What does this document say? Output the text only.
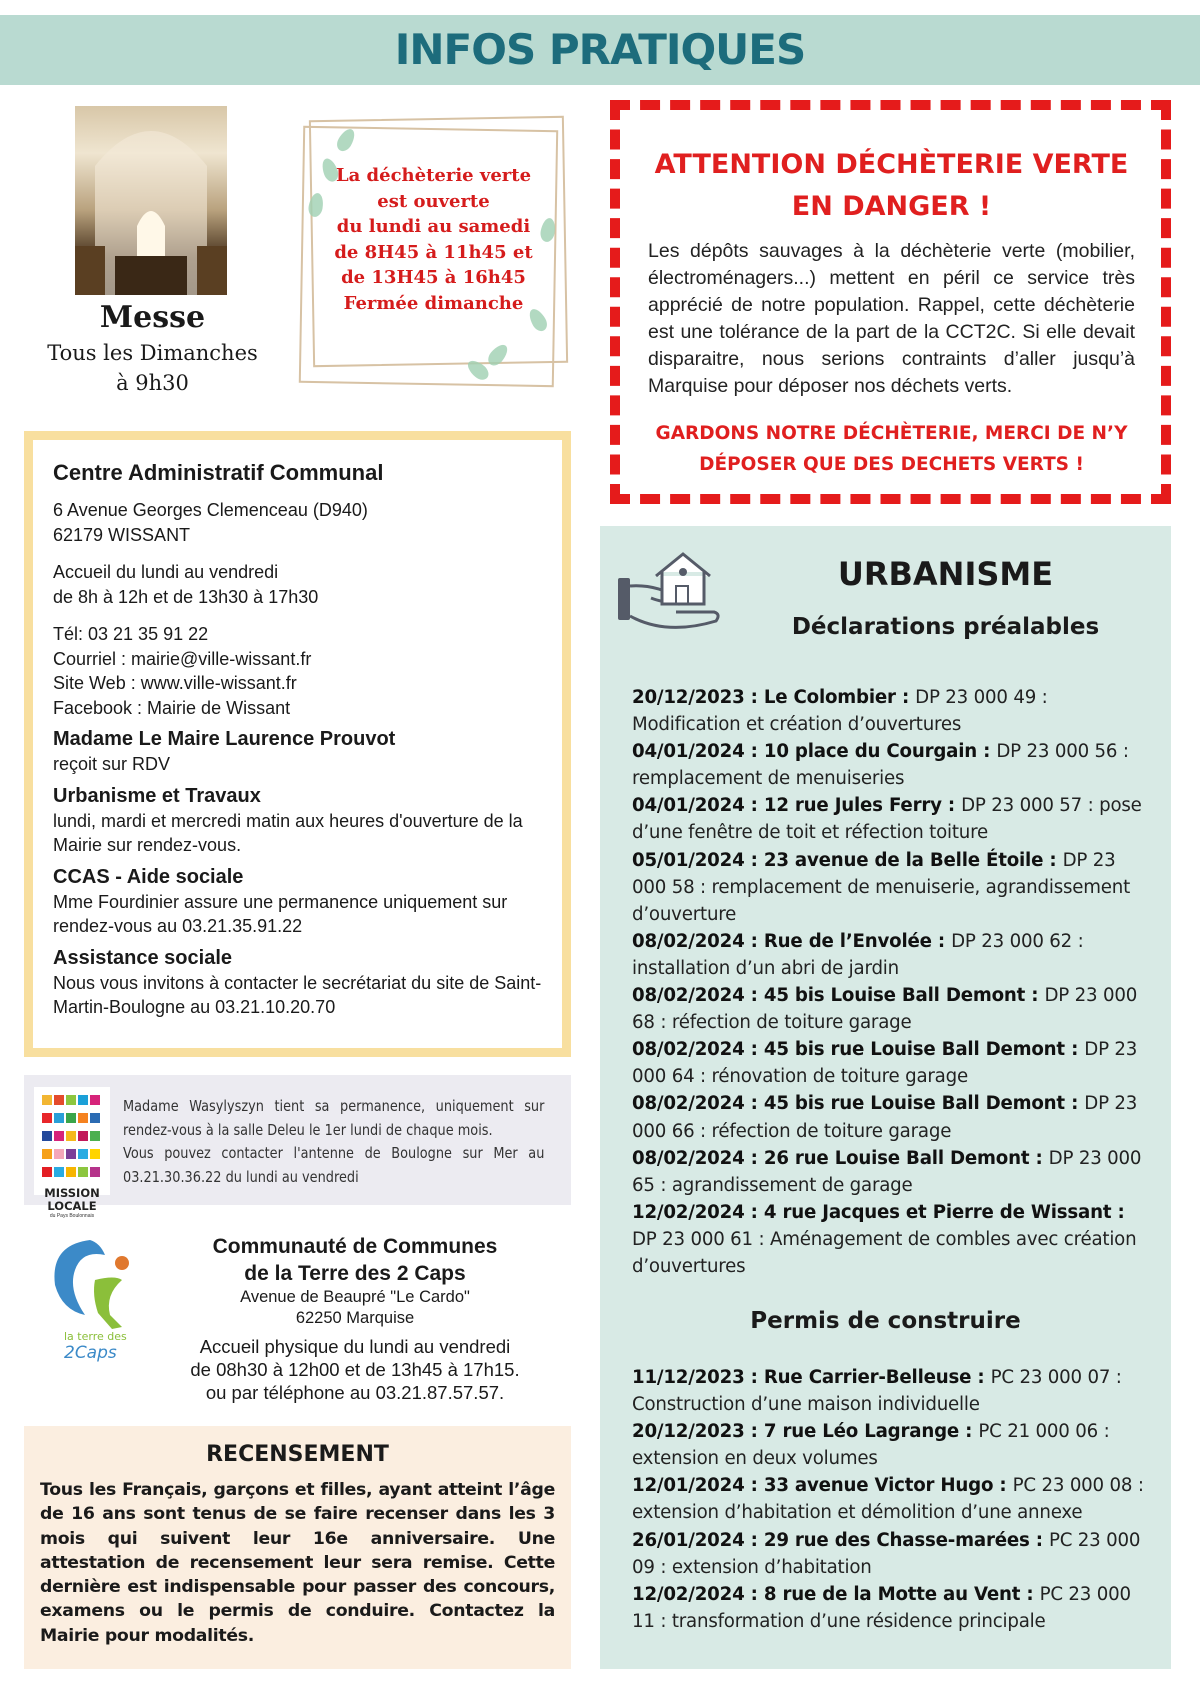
INFOS PRATIQUES
Messe
Tous les Dimanches
à 9h30
La déchèterie verte
est ouverte
du lundi au samedi
de 8H45 à 11h45 et
de 13H45 à 16h45
Fermée dimanche
ATTENTION DÉCHÈTERIE VERTE
EN DANGER !

Les dépôts sauvages à la déchèterie verte (mobilier, électroménagers...) mettent en péril ce service très apprécié de notre population. Rappel, cette déchèterie est une tolérance de la part de la CCT2C. Si elle devait disparaitre, nous serions contraints d’aller jusqu’à Marquise pour déposer nos déchets verts.

GARDONS NOTRE DÉCHÈTERIE, MERCI DE N’Y DÉPOSER QUE DES DECHETS VERTS !
Centre Administratif Communal

6 Avenue Georges Clemenceau (D940)

62179 WISSANT

Accueil du lundi au vendredi

de 8h à 12h et de 13h30 à 17h30

Tél: 03 21 35 91 22

Courriel : mairie@ville-wissant.fr

Site Web : www.ville-wissant.fr

Facebook : Mairie de Wissant

Madame Le Maire Laurence Prouvot

reçoit sur RDV

Urbanisme et Travaux

lundi, mardi et mercredi matin aux heures d'ouverture de la Mairie sur rendez-vous.

CCAS - Aide sociale

Mme Fourdinier assure une permanence uniquement sur rendez-vous au 03.21.35.91.22

Assistance sociale

Nous vous invitons à contacter le secrétariat du site de Saint-Martin-Boulogne au 03.21.10.20.70

MISSION
LOCALE
du Pays Boulonnais

Madame Wasylyszyn tient sa permanence, uniquement sur rendez-vous à la salle Deleu le 1er lundi de chaque mois.
Vous pouvez contacter l'antenne de Boulogne sur Mer au 03.21.30.36.22 du lundi au vendredi

la terre des
2Caps
Communauté de Communes
de la Terre des 2 Caps
Avenue de Beaupré "Le Cardo"
62250 Marquise
Accueil physique du lundi au vendredi
de 08h30 à 12h00 et de 13h45 à 17h15.
ou par téléphone au 03.21.87.57.57.
RECENSEMENT

Tous les Français, garçons et filles, ayant atteint l’âge de 16 ans sont tenus de se faire recenser dans les 3 mois qui suivent leur 16e anniversaire. Une attestation de recensement leur sera remise. Cette dernière est indispensable pour passer des concours, examens ou le permis de conduire. Contactez la Mairie pour modalités.

URBANISME
Déclarations préalables
20/12/2023 : Le Colombier : DP 23 000 49 : Modification et création d’ouvertures
04/01/2024 : 10 place du Courgain : DP 23 000 56 : remplacement de menuiseries
04/01/2024 : 12 rue Jules Ferry : DP 23 000 57 : pose d’une fenêtre de toit et réfection toiture
05/01/2024 : 23 avenue de la Belle Étoile : DP 23 000 58 : remplacement de menuiserie, agrandissement d’ouverture
08/02/2024 : Rue de l’Envolée : DP 23 000 62 : installation d’un abri de jardin
08/02/2024 : 45 bis Louise Ball Demont : DP 23 000 68 : réfection de toiture garage
08/02/2024 : 45 bis rue Louise Ball Demont : DP 23 000 64 : rénovation de toiture garage
08/02/2024 : 45 bis rue Louise Ball Demont : DP 23 000 66 : réfection de toiture garage
08/02/2024 : 26 rue Louise Ball Demont : DP 23 000 65 : agrandissement de garage
12/02/2024 : 4 rue Jacques et Pierre de Wissant : DP 23 000 61 : Aménagement de combles avec création d’ouvertures
Permis de construire
11/12/2023 : Rue Carrier-Belleuse : PC 23 000 07 : Construction d’une maison individuelle
20/12/2023 : 7 rue Léo Lagrange : PC 21 000 06 : extension en deux volumes
12/01/2024 : 33 avenue Victor Hugo : PC 23 000 08 : extension d’habitation et démolition d’une annexe
26/01/2024 : 29 rue des Chasse-marées : PC 23 000 09 : extension d’habitation
12/02/2024 : 8 rue de la Motte au Vent : PC 23 000 11 : transformation d’une résidence principale
